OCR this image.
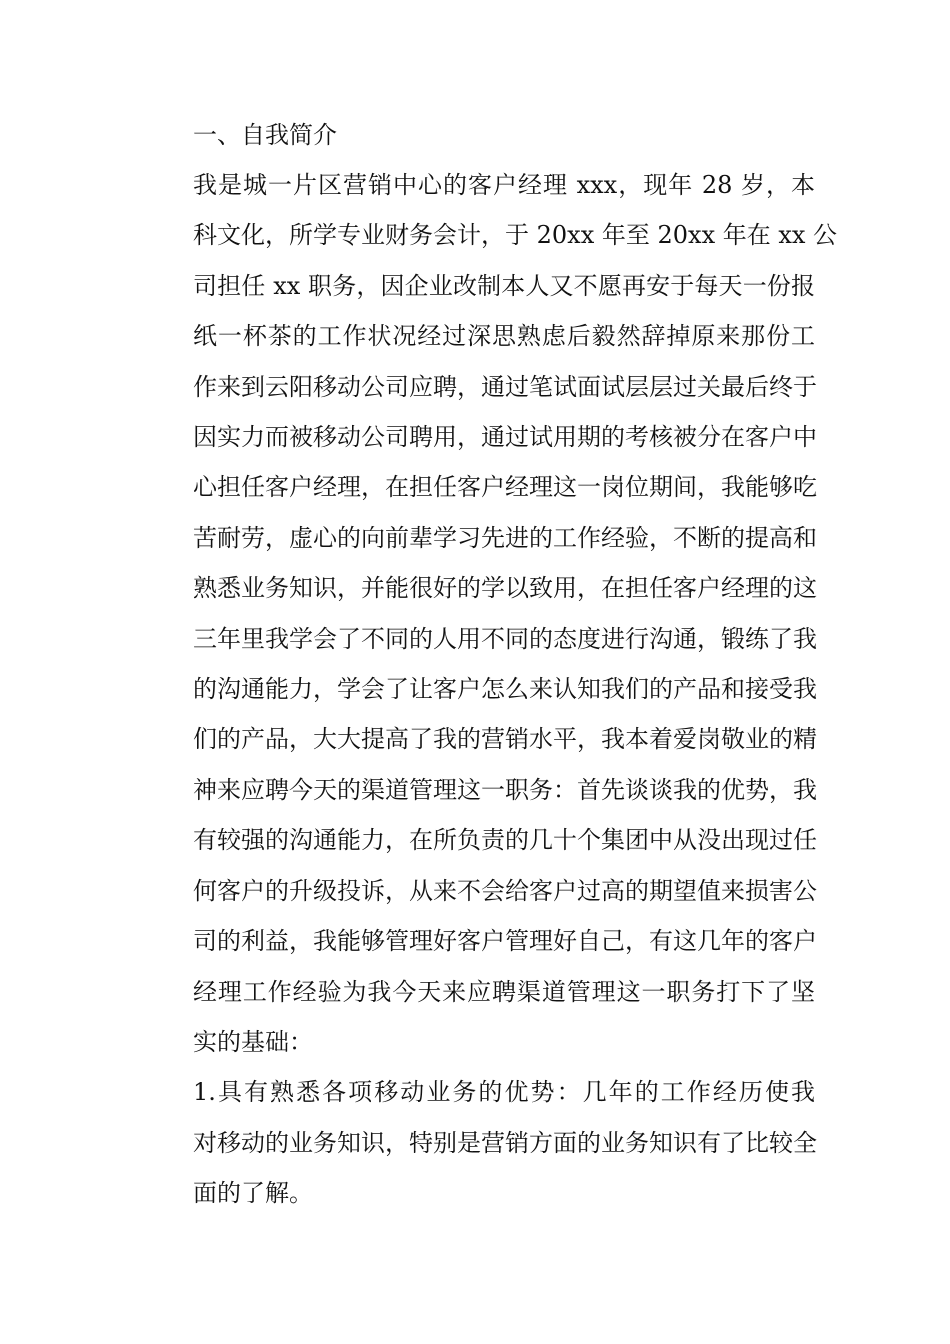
一、自我简介

我是城一片区营销中心的客户经理 xxx，现年 28 岁，本
科文化，所学专业财务会计，于 20xx 年至 20xx 年在 xx 公
司担任 xx 职务，因企业改制本人又不愿再安于每天一份报
纸一杯茶的工作状况经过深思熟虑后毅然辞掉原来那份工
作来到云阳移动公司应聘，通过笔试面试层层过关最后终于
因实力而被移动公司聘用，通过试用期的考核被分在客户中
心担任客户经理，在担任客户经理这一岗位期间，我能够吃
苦耐劳，虚心的向前辈学习先进的工作经验，不断的提高和
熟悉业务知识，并能很好的学以致用，在担任客户经理的这
三年里我学会了不同的人用不同的态度进行沟通，锻练了我
的沟通能力，学会了让客户怎么来认知我们的产品和接受我
们的产品，大大提高了我的营销水平，我本着爱岗敬业的精
神来应聘今天的渠道管理这一职务：首先谈谈我的优势，我
有较强的沟通能力，在所负责的几十个集团中从没出现过任
何客户的升级投诉，从来不会给客户过高的期望值来损害公
司的利益，我能够管理好客户管理好自己，有这几年的客户
经理工作经验为我今天来应聘渠道管理这一职务打下了坚
实的基础：

1.具有熟悉各项移动业务的优势：几年的工作经历使我
对移动的业务知识，特别是营销方面的业务知识有了比较全
面的了解。
